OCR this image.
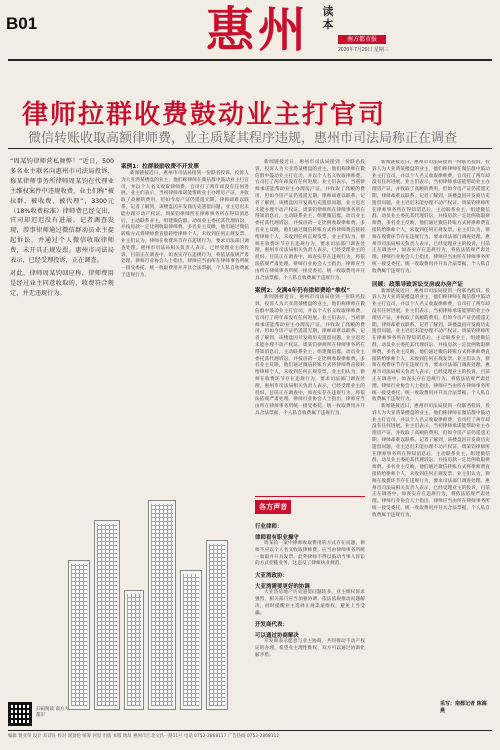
B01	惠州 读本
南方都市报
2020年7月29日 星期三
律师拉群收费鼓动业主打官司
微信转账收取高额律师费，业主质疑其程序违规，惠州市司法局称正在调查

“周某钧律师营私舞弊！”近日，500多名业主联名向惠州市司法局投诉，称某律师事务所律师周某钧在代理业主维权案件中违规收费，业主们称“被拉群、被收费、被代理”，3300元（18%收费标准）律师费已经交出，官司却迟迟没有进展。记者调查发现，涉事律师通过微信群动员业主提起诉讼，并通过个人微信收取律师费，未开具正规发票。惠州市司法局表示，已经受理投诉，正在调查。

对此，律师周某钧回应称，律师费用是经过业主同意收取的，收费符合规定，并无违规行为。

案例1：拉群鼓励收费不开发票

新闻链接近日，惠州市司法局接到一份联名投诉，投诉人为大亚湾某楼盘的业主，他们称律师在微信群中鼓动业主打官司，并以个人名义收取律师费，官司打了两年却没有任何进展。业主们表示，当初律师承诺能帮助业主办理房产证，并收取了高额的费用，但如今房产证仍遥遥无期，律师却难以联系。记者了解到，该楼盘因开发商历史遗留问题，业主迟迟未能办理不动产权证。周某钧律师所在律师事务所在得知消息后，主动联系业主，组建微信群，动员业主委托其代理诉讼，并按房款一定比例收取律师费。多名业主反映，他们通过微信转账方式将律师费直接转给律师个人，未收到任何正规发票。业主们认为，律师在收费环节存在违规行为，要求司法部门调查处理。惠州市司法局相关负责人表示，已经受理业主的投诉，目前正在调查中，如查实存在违规行为，将依法依规严肃处理。律师行业协会人士指出，律师应当由所在律师事务所统一接受委托、统一收取费用并开具合法票据，个人私自收费属于违规行为。

新闻链接近日，惠州市司法局接到一份联名投诉，投诉人为大亚湾某楼盘的业主，他们称律师在微信群中鼓动业主打官司，并以个人名义收取律师费，官司打了两年却没有任何进展。业主们表示，当初律师承诺能帮助业主办理房产证，并收取了高额的费用，但如今房产证仍遥遥无期，律师却难以联系。记者了解到，该楼盘因开发商历史遗留问题，业主迟迟未能办理不动产权证。周某钧律师所在律师事务所在得知消息后，主动联系业主，组建微信群，动员业主委托其代理诉讼，并按房款一定比例收取律师费。多名业主反映，他们通过微信转账方式将律师费直接转给律师个人，未收到任何正规发票。业主们认为，律师在收费环节存在违规行为，要求司法部门调查处理。惠州市司法局相关负责人表示，已经受理业主的投诉，目前正在调查中，如查实存在违规行为，将依法依规严肃处理。律师行业协会人士指出，律师应当由所在律师事务所统一接受委托、统一收取费用并开具合法票据，个人私自收费属于违规行为。

案例2：交满4年仍有律师费给“维权”

新闻链接近日，惠州市司法局接到一份联名投诉，投诉人为大亚湾某楼盘的业主，他们称律师在微信群中鼓动业主打官司，并以个人名义收取律师费，官司打了两年却没有任何进展。业主们表示，当初律师承诺能帮助业主办理房产证，并收取了高额的费用，但如今房产证仍遥遥无期，律师却难以联系。记者了解到，该楼盘因开发商历史遗留问题，业主迟迟未能办理不动产权证。周某钧律师所在律师事务所在得知消息后，主动联系业主，组建微信群，动员业主委托其代理诉讼，并按房款一定比例收取律师费。多名业主反映，他们通过微信转账方式将律师费直接转给律师个人，未收到任何正规发票。业主们认为，律师在收费环节存在违规行为，要求司法部门调查处理。惠州市司法局相关负责人表示，已经受理业主的投诉，目前正在调查中，如查实存在违规行为，将依法依规严肃处理。律师行业协会人士指出，律师应当由所在律师事务所统一接受委托、统一收取费用并开具合法票据，个人私自收费属于违规行为。

各方声音
行业律师：
律师看有职业操守

周某钧一案中律师收取费用的方式存在问题，律师不应以个人名义收取律师费，应当由律师事务所统一收取并开具发票。此外律师不得以鼓动当事人诉讼的方式招揽业务，这违反了律师执业规范。

大亚湾政协：
大亚湾需要更好的协调

大亚湾房地产历史遗留问题较多，业主维权诉求强烈，相关部门应当加强协调，依法依规推动问题解决，同时提醒业主选择正规渠道维权，避免上当受骗。

开发商代表：
可以通过协商解决

开发商表示愿意与业主协商，共同推动不动产权证的办理，希望业主理性维权，双方可以通过协商化解矛盾。

新闻链接近日，惠州市司法局接到一份联名投诉，投诉人为大亚湾某楼盘的业主，他们称律师在微信群中鼓动业主打官司，并以个人名义收取律师费，官司打了两年却没有任何进展。业主们表示，当初律师承诺能帮助业主办理房产证，并收取了高额的费用，但如今房产证仍遥遥无期，律师却难以联系。记者了解到，该楼盘因开发商历史遗留问题，业主迟迟未能办理不动产权证。周某钧律师所在律师事务所在得知消息后，主动联系业主，组建微信群，动员业主委托其代理诉讼，并按房款一定比例收取律师费。多名业主反映，他们通过微信转账方式将律师费直接转给律师个人，未收到任何正规发票。业主们认为，律师在收费环节存在违规行为，要求司法部门调查处理。惠州市司法局相关负责人表示，已经受理业主的投诉，目前正在调查中，如查实存在违规行为，将依法依规严肃处理。律师行业协会人士指出，律师应当由所在律师事务所统一接受委托、统一收取费用并开具合法票据，个人私自收费属于违规行为。

回顾：政策导致诉讼交房或办房产证

新闻链接近日，惠州市司法局接到一份联名投诉，投诉人为大亚湾某楼盘的业主，他们称律师在微信群中鼓动业主打官司，并以个人名义收取律师费，官司打了两年却没有任何进展。业主们表示，当初律师承诺能帮助业主办理房产证，并收取了高额的费用，但如今房产证仍遥遥无期，律师却难以联系。记者了解到，该楼盘因开发商历史遗留问题，业主迟迟未能办理不动产权证。周某钧律师所在律师事务所在得知消息后，主动联系业主，组建微信群，动员业主委托其代理诉讼，并按房款一定比例收取律师费。多名业主反映，他们通过微信转账方式将律师费直接转给律师个人，未收到任何正规发票。业主们认为，律师在收费环节存在违规行为，要求司法部门调查处理。惠州市司法局相关负责人表示，已经受理业主的投诉，目前正在调查中，如查实存在违规行为，将依法依规严肃处理。律师行业协会人士指出，律师应当由所在律师事务所统一接受委托、统一收取费用并开具合法票据，个人私自收费属于违规行为。

新闻链接近日，惠州市司法局接到一份联名投诉，投诉人为大亚湾某楼盘的业主，他们称律师在微信群中鼓动业主打官司，并以个人名义收取律师费，官司打了两年却没有任何进展。业主们表示，当初律师承诺能帮助业主办理房产证，并收取了高额的费用，但如今房产证仍遥遥无期，律师却难以联系。记者了解到，该楼盘因开发商历史遗留问题，业主迟迟未能办理不动产权证。周某钧律师所在律师事务所在得知消息后，主动联系业主，组建微信群，动员业主委托其代理诉讼，并按房款一定比例收取律师费。多名业主反映，他们通过微信转账方式将律师费直接转给律师个人，未收到任何正规发票。业主们认为，律师在收费环节存在违规行为，要求司法部门调查处理。惠州市司法局相关负责人表示，已经受理业主的投诉，目前正在调查中，如查实存在违规行为，将依法依规严肃处理。律师行业协会人士指出，律师应当由所在律师事务所统一接受委托、统一收取费用并开具合法票据，个人私自收费属于违规行为。

采写：南都记者 陈海燕
扫码阅读 南方大都市
编辑 黄亚荣 设计 邓诗钰 校对 谢劲松 统筹 何思 出版 本版 地址 惠州市江北文昌一路11号 电话 0752-2868117 广告热线 0752-2868112
